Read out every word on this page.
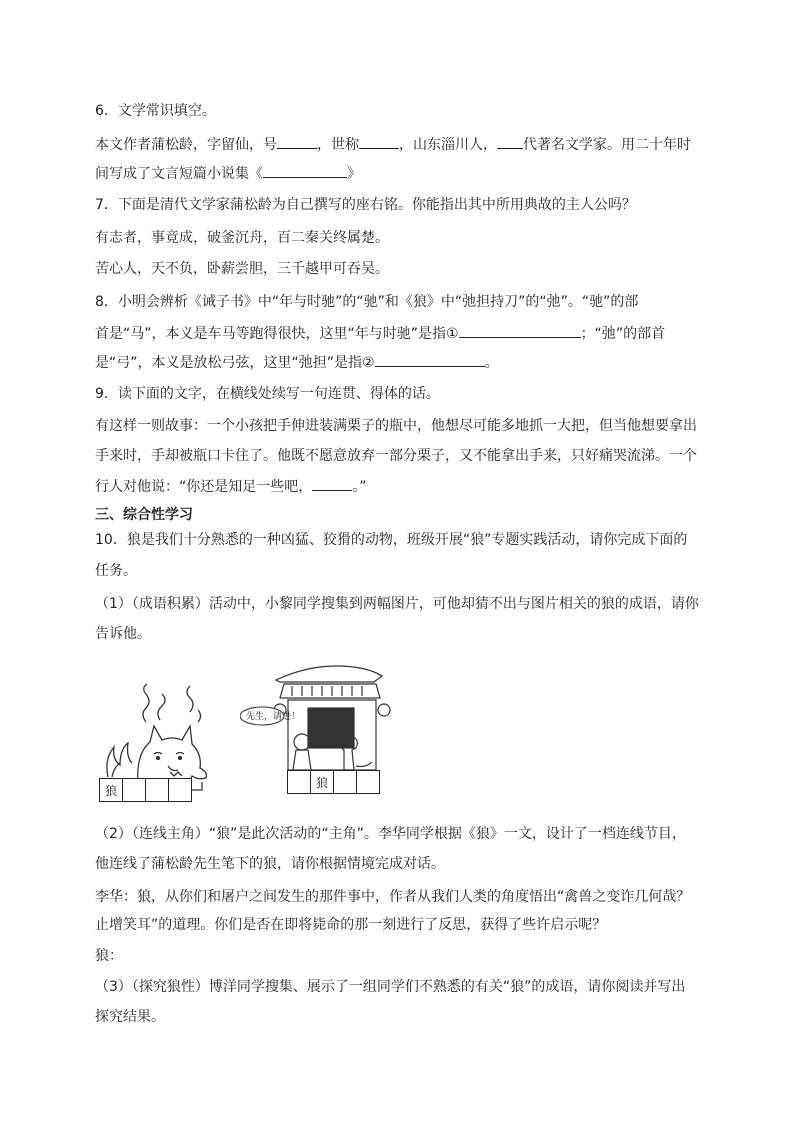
6．文学常识填空。
本文作者蒲松龄，字留仙，号	，世称	，山东淄川人， 代著名文学家。用二十年时
间写成了文言短篇小说集《	》
7．下面是清代文学家蒲松龄为自己撰写的座右铭。你能指出其中所用典故的主人公吗？
有志者，事竟成，破釜沉舟，百二秦关终属楚。
苦心人，天不负，卧薪尝胆，三千越甲可吞吴。
8．小明会辨析《诫子书》中“年与时驰”的“驰”和《狼》中“弛担持刀”的“弛”。“驰”的部
首是“马”，本义是车马等跑得很快，这里“年与时驰”是指①	；“弛”的部首
是“弓”，本义是放松弓弦，这里“弛担”是指②	。
9．读下面的文字，在横线处续写一句连贯、得体的话。
有这样一则故事：一个小孩把手伸进装满栗子的瓶中，他想尽可能多地抓一大把，但当他想要拿出
手来时，手却被瓶口卡住了。他既不愿意放弃一部分栗子，又不能拿出手来，只好痛哭流涕。一个
行人对他说：“你还是知足一些吧，	。”
三、综合性学习
10．狼是我们十分熟悉的一种凶猛、狡猾的动物，班级开展“狼”专题实践活动，请你完成下面的
任务。
（1）（成语积累）活动中，小黎同学搜集到两幅图片，可他却猜不出与图片相关的狼的成语，请你
告诉他。
狼
先生，请进！
狼
（2）（连线主角）“狼”是此次活动的“主角”。李华同学根据《狼》一文，设计了一档连线节目，
他连线了蒲松龄先生笔下的狼，请你根据情境完成对话。
李华：狼，从你们和屠户之间发生的那件事中，作者从我们人类的角度悟出“禽兽之变诈几何哉？
止增笑耳”的道理。你们是否在即将毙命的那一刻进行了反思，获得了些许启示呢？
狼：
（3）（探究狼性）博洋同学搜集、展示了一组同学们不熟悉的有关“狼”的成语，请你阅读并写出
探究结果。
